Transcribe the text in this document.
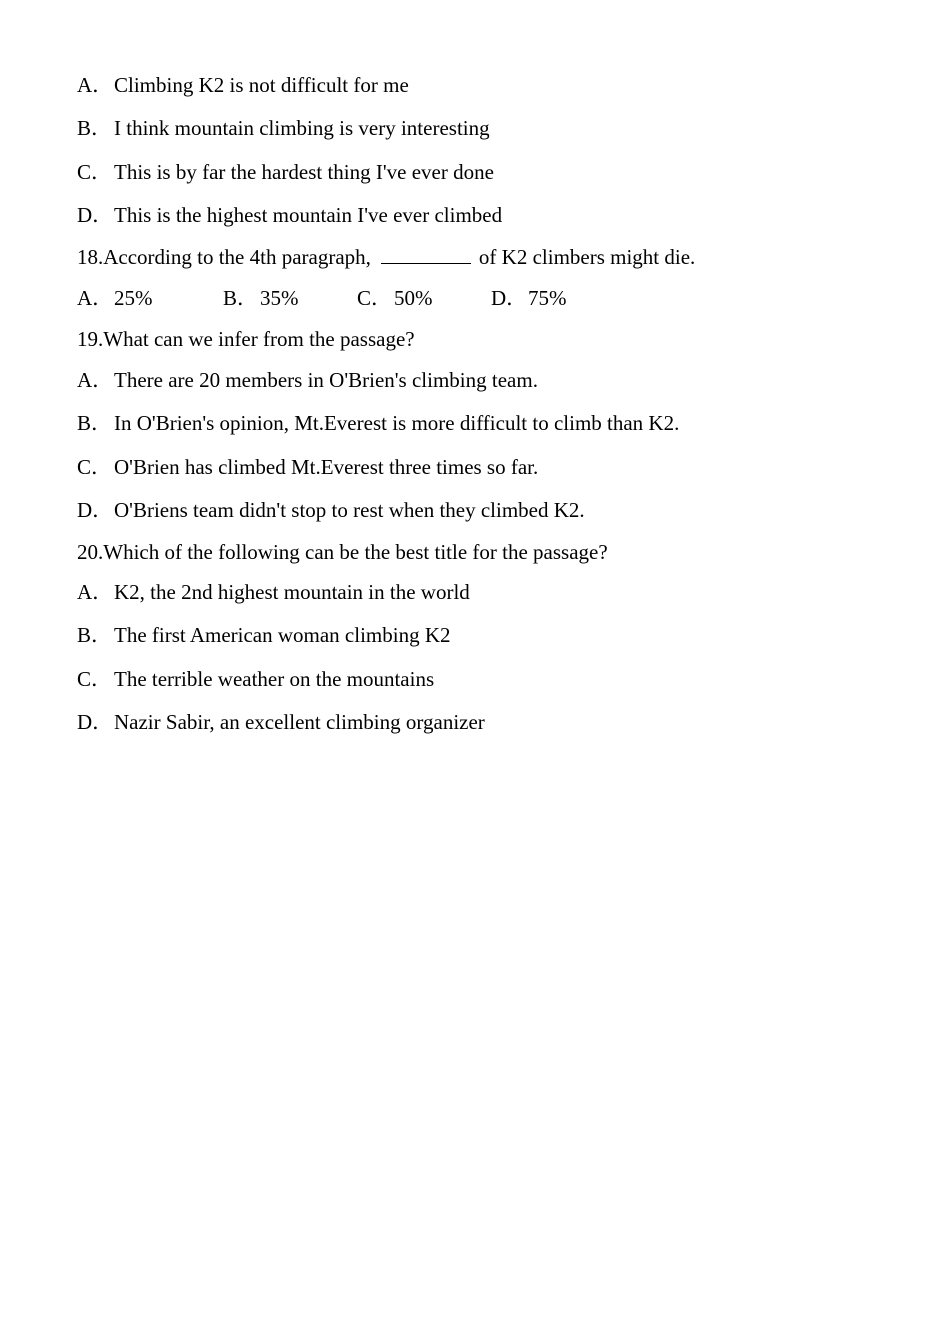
A．Climbing K2 is not difficult for me
B．I think mountain climbing is very interesting
C．This is by far the hardest thing I've ever done
D．This is the highest mountain I've ever climbed
18.According to the 4th paragraph,	of K2 climbers might die.
A．25%	B．35%	C．50%	D．75%
19.What can we infer from the passage?
A．There are 20 members in O'Brien's climbing team.
B．In O'Brien's opinion, Mt.Everest is more difficult to climb than K2.
C．O'Brien has climbed Mt.Everest three times so far.
D．O'Briens team didn't stop to rest when they climbed K2.
20.Which of the following can be the best title for the passage?
A．K2, the 2nd highest mountain in the world
B．The first American woman climbing K2
C．The terrible weather on the mountains
D．Nazir Sabir, an excellent climbing organizer
